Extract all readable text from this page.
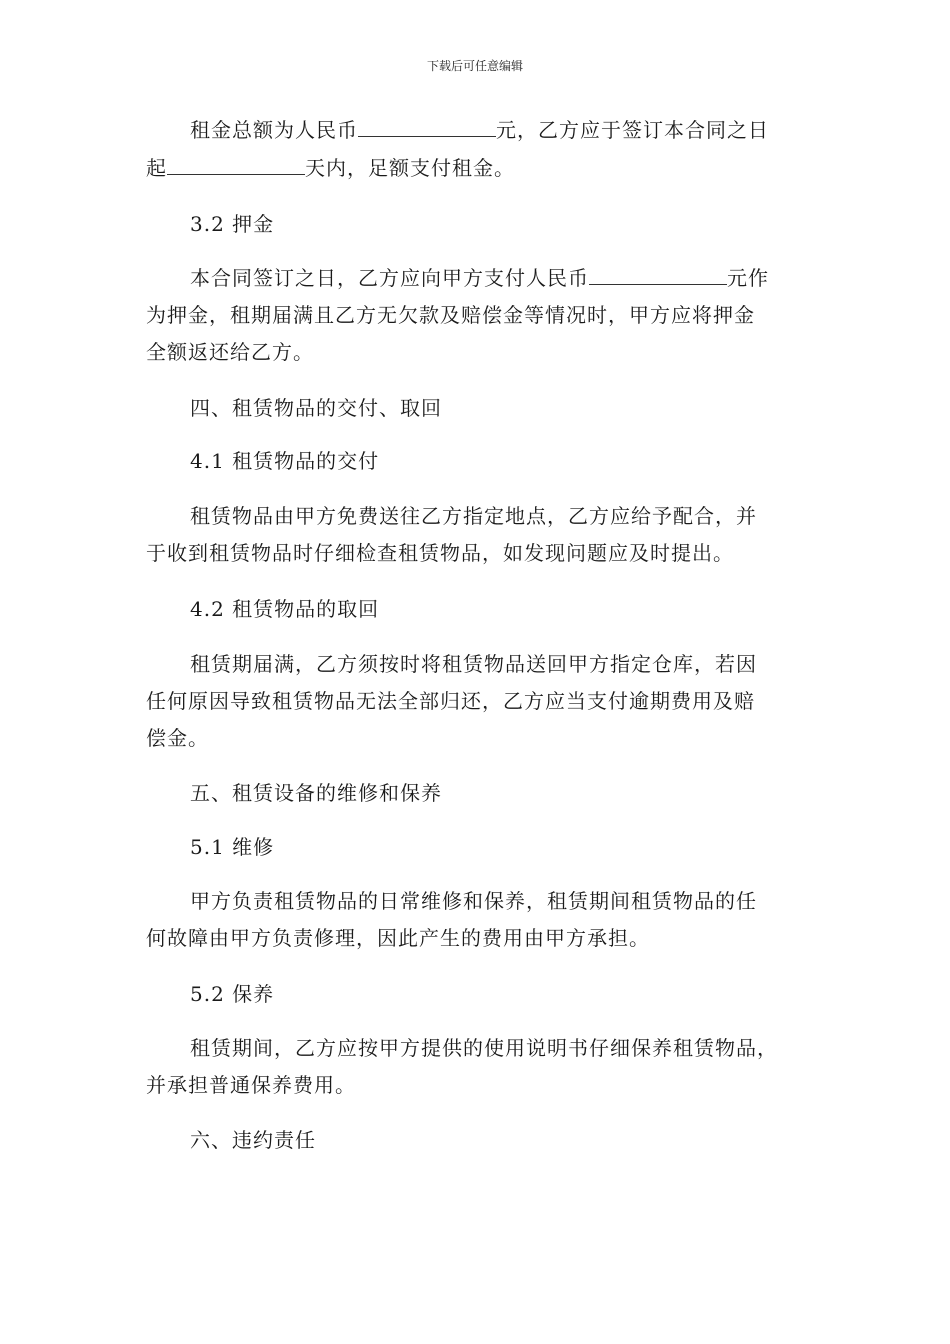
下载后可任意编辑
租金总额为人民币	元，乙方应于签订本合同之日
起	天内，足额支付租金。
3.2 押金
本合同签订之日，乙方应向甲方支付人民币	元作
为押金，租期届满且乙方无欠款及赔偿金等情况时，甲方应将押金
全额返还给乙方。
四、租赁物品的交付、取回
4.1 租赁物品的交付
租赁物品由甲方免费送往乙方指定地点，乙方应给予配合，并
于收到租赁物品时仔细检查租赁物品，如发现问题应及时提出。
4.2 租赁物品的取回
租赁期届满，乙方须按时将租赁物品送回甲方指定仓库，若因
任何原因导致租赁物品无法全部归还，乙方应当支付逾期费用及赔
偿金。
五、租赁设备的维修和保养
5.1 维修
甲方负责租赁物品的日常维修和保养，租赁期间租赁物品的任
何故障由甲方负责修理，因此产生的费用由甲方承担。
5.2 保养
租赁期间，乙方应按甲方提供的使用说明书仔细保养租赁物品，
并承担普通保养费用。
六、违约责任
